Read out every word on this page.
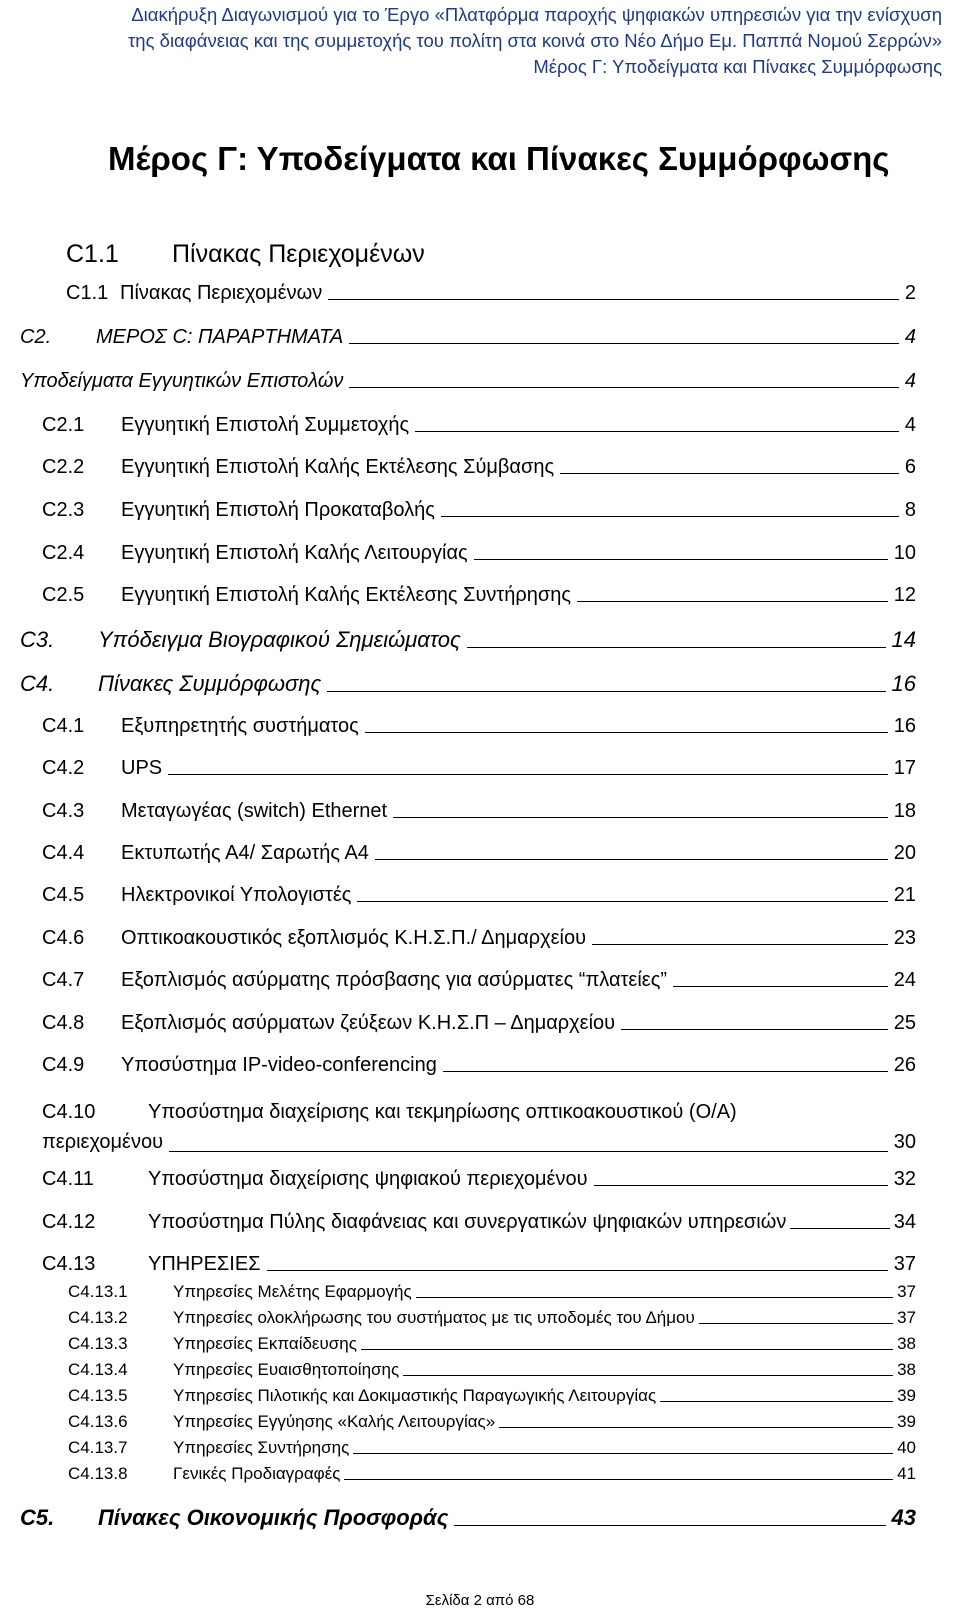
Διακήρυξη Διαγωνισμού για το Έργο «Πλατφόρμα παροχής ψηφιακών υπηρεσιών για την ενίσχυση
της διαφάνειας και της συμμετοχής του πολίτη στα κοινά στο Νέο Δήμο Εμ. Παππά Νομού Σερρών»
Μέρος Γ: Υποδείγματα και Πίνακες Συμμόρφωσης
Μέρος Γ: Υποδείγματα και Πίνακες Συμμόρφωσης
C1.1 Πίνακας Περιεχομένων
C1.1 Πίνακας Περιεχομένων	2
C2.	ΜΕΡΟΣ C: ΠΑΡΑΡΤΗΜΑΤΑ	4
Υποδείγματα Εγγυητικών Επιστολών	4
C2.1	Εγγυητική Επιστολή Συμμετοχής	4
C2.2	Εγγυητική Επιστολή Καλής Εκτέλεσης Σύμβασης	6
C2.3	Εγγυητική Επιστολή Προκαταβολής	8
C2.4	Εγγυητική Επιστολή Καλής Λειτουργίας	10
C2.5	Εγγυητική Επιστολή Καλής Εκτέλεσης Συντήρησης	12
C3.	Υπόδειγμα Βιογραφικού Σημειώματος	14
C4.	Πίνακες Συμμόρφωσης	16
C4.1	Εξυπηρετητής συστήματος	16
C4.2	UPS	17
C4.3	Μεταγωγέας (switch) Ethernet	18
C4.4	Εκτυπωτής Α4/ Σαρωτής Α4	20
C4.5	Ηλεκτρονικοί Υπολογιστές	21
C4.6	Οπτικοακουστικός εξοπλισμός Κ.Η.Σ.Π./ Δημαρχείου	23
C4.7	Εξοπλισμός ασύρματης πρόσβασης για ασύρματες “πλατείες”	24
C4.8	Εξοπλισμός ασύρματων ζεύξεων Κ.Η.Σ.Π – Δημαρχείου	25
C4.9	Υποσύστημα IP-video-conferencing	26
C4.10	Υποσύστημα διαχείρισης και τεκμηρίωσης οπτικοακουστικού (Ο/Α)
περιεχομένου	30
C4.11	Υποσύστημα διαχείρισης ψηφιακού περιεχομένου	32
C4.12	Υποσύστημα Πύλης διαφάνειας και συνεργατικών ψηφιακών υπηρεσιών	34
C4.13	ΥΠΗΡΕΣΙΕΣ	37
C4.13.1	Υπηρεσίες Μελέτης Εφαρμογής	37
C4.13.2	Υπηρεσίες ολοκλήρωσης του συστήματος με τις υποδομές του Δήμου	37
C4.13.3	Υπηρεσίες Εκπαίδευσης	38
C4.13.4	Υπηρεσίες Ευαισθητοποίησης	38
C4.13.5	Υπηρεσίες Πιλοτικής και Δοκιμαστικής Παραγωγικής Λειτουργίας	39
C4.13.6	Υπηρεσίες Εγγύησης «Καλής Λειτουργίας»	39
C4.13.7	Υπηρεσίες Συντήρησης	40
C4.13.8	Γενικές Προδιαγραφές	41
C5.	Πίνακες Οικονομικής Προσφοράς	43
Σελίδα 2 από 68
